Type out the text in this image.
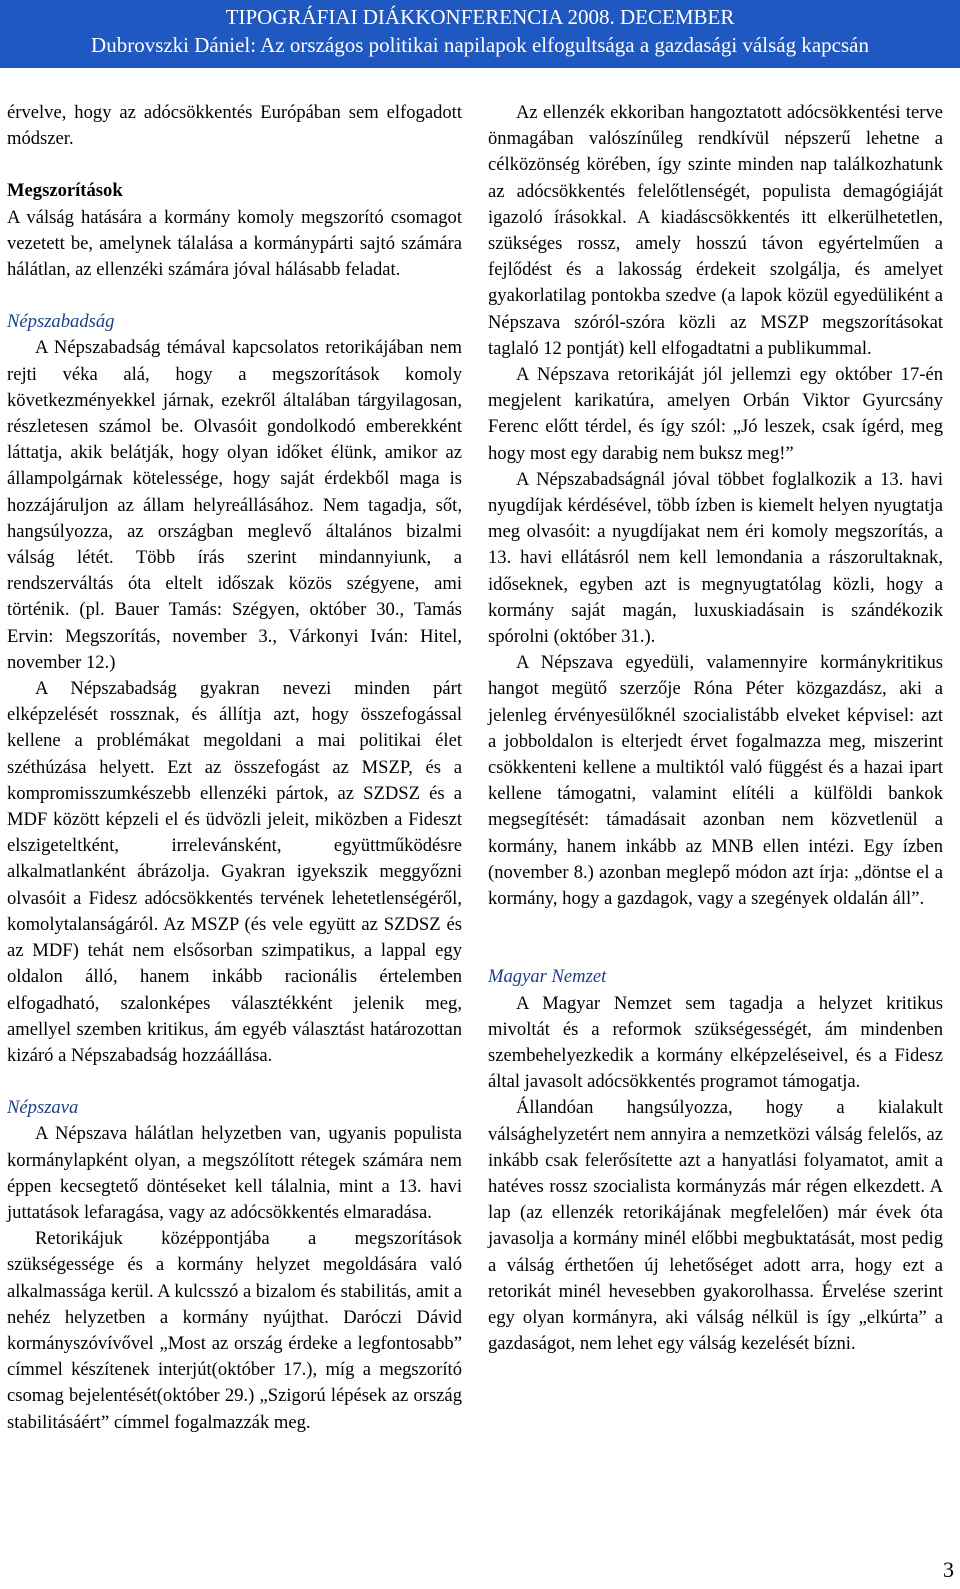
TIPOGRÁFIAI DIÁKKONFERENCIA 2008. DECEMBER
Dubrovszki Dániel: Az országos politikai napilapok elfogultsága a gazdasági válság kapcsán

érvelve, hogy az adócsökkentés Európában sem elfogadott módszer.

Megszorítások

A válság hatására a kormány komoly megszorító csomagot vezetett be, amelynek tálalása a kormánypárti sajtó számára hálátlan, az ellenzéki számára jóval hálásabb feladat.

Népszabadság

A Népszabadság témával kapcsolatos retorikájában nem rejti véka alá, hogy a megszorítások komoly következményekkel járnak, ezekről általában tárgyilagosan, részletesen számol be. Olvasóit gondolkodó emberekként láttatja, akik belátják, hogy olyan időket élünk, amikor az állampolgárnak kötelessége, hogy saját érdekből maga is hozzájáruljon az állam helyreállásához. Nem tagadja, sőt, hangsúlyozza, az országban meglevő általános bizalmi válság létét. Több írás szerint mindannyiunk, a rendszerváltás óta eltelt időszak közös szégyene, ami történik. (pl. Bauer Tamás: Szégyen, október 30., Tamás Ervin: Megszorítás, november 3., Várkonyi Iván: Hitel, november 12.)

A Népszabadság gyakran nevezi minden párt elképzelését rossznak, és állítja azt, hogy összefogással kellene a problémákat megoldani a mai politikai élet széthúzása helyett. Ezt az összefogást az MSZP, és a kompromisszumkészebb ellenzéki pártok, az SZDSZ és a MDF között képzeli el és üdvözli jeleit, miközben a Fideszt elszigeteltként, irrelevánsként, együttműködésre alkalmatlanként ábrázolja. Gyakran igyekszik meggyőzni olvasóit a Fidesz adócsökkentés tervének lehetetlenségéről, komolytalanságáról. Az MSZP (és vele együtt az SZDSZ és az MDF) tehát nem elsősorban szimpatikus, a lappal egy oldalon álló, hanem inkább racionális értelemben elfogadható, szalonképes választékként jelenik meg, amellyel szemben kritikus, ám egyéb választást határozottan kizáró a Népszabadság hozzáállása.

Népszava

A Népszava hálátlan helyzetben van, ugyanis populista kormánylapként olyan, a megszólított rétegek számára nem éppen kecsegtető döntéseket kell tálalnia, mint a 13. havi juttatások lefaragása, vagy az adócsökkentés elmaradása.

Retorikájuk középpontjába a megszorítások szükségessége és a kormány helyzet megoldására való alkalmassága kerül. A kulcsszó a bizalom és stabilitás, amit a nehéz helyzetben a kormány nyújthat. Daróczi Dávid kormányszóvívővel „Most az ország érdeke a legfontosabb” címmel készítenek interjút(október 17.), míg a megszorító csomag bejelentését(október 29.) „Szigorú lépések az ország stabilitásáért” címmel fogalmazzák meg.

Az ellenzék ekkoriban hangoztatott adócsökkentési terve önmagában valószínűleg rendkívül népszerű lehetne a célközönség körében, így szinte minden nap találkozhatunk az adócsökkentés felelőtlenségét, populista demagógiáját igazoló írásokkal. A kiadáscsökkentés itt elkerülhetetlen, szükséges rossz, amely hosszú távon egyértelműen a fejlődést és a lakosság érdekeit szolgálja, és amelyet gyakorlatilag pontokba szedve (a lapok közül egyedüliként a Népszava szóról-szóra közli az MSZP megszorításokat taglaló 12 pontját) kell elfogadtatni a publikummal.

A Népszava retorikáját jól jellemzi egy október 17-én megjelent karikatúra, amelyen Orbán Viktor Gyurcsány Ferenc előtt térdel, és így szól: „Jó leszek, csak ígérd, meg hogy most egy darabig nem buksz meg!”

A Népszabadságnál jóval többet foglalkozik a 13. havi nyugdíjak kérdésével, több ízben is kiemelt helyen nyugtatja meg olvasóit: a nyugdíjakat nem éri komoly megszorítás, a 13. havi ellátásról nem kell lemondania a rászorultaknak, időseknek, egyben azt is megnyugtatólag közli, hogy a kormány saját magán, luxuskiadásain is szándékozik spórolni (október 31.).

A Népszava egyedüli, valamennyire kormánykritikus hangot megütő szerzője Róna Péter közgazdász, aki a jelenleg érvényesülőknél szocialistább elveket képvisel: azt a jobboldalon is elterjedt érvet fogalmazza meg, miszerint csökkenteni kellene a multiktól való függést és a hazai ipart kellene támogatni, valamint elítéli a külföldi bankok megsegítését: támadásait azonban nem közvetlenül a kormány, hanem inkább az MNB ellen intézi. Egy ízben (november 8.) azonban meglepő módon azt írja: „döntse el a kormány, hogy a gazdagok, vagy a szegények oldalán áll”.

Magyar Nemzet

A Magyar Nemzet sem tagadja a helyzet kritikus mivoltát és a reformok szükségességét, ám mindenben szembehelyezkedik a kormány elképzeléseivel, és a Fidesz által javasolt adócsökkentés programot támogatja.

Állandóan hangsúlyozza, hogy a kialakult válsághelyzetért nem annyira a nemzetközi válság felelős, az inkább csak felerősítette azt a hanyatlási folyamatot, amit a hatéves rossz szocialista kormányzás már régen elkezdett. A lap (az ellenzék retorikájának megfelelően) már évek óta javasolja a kormány minél előbbi megbuktatását, most pedig a válság érthetően új lehetőséget adott arra, hogy ezt a retorikát minél hevesebben gyakorolhassa. Érvelése szerint egy olyan kormányra, aki válság nélkül is így „elkúrta” a gazdaságot, nem lehet egy válság kezelését bízni.

3
